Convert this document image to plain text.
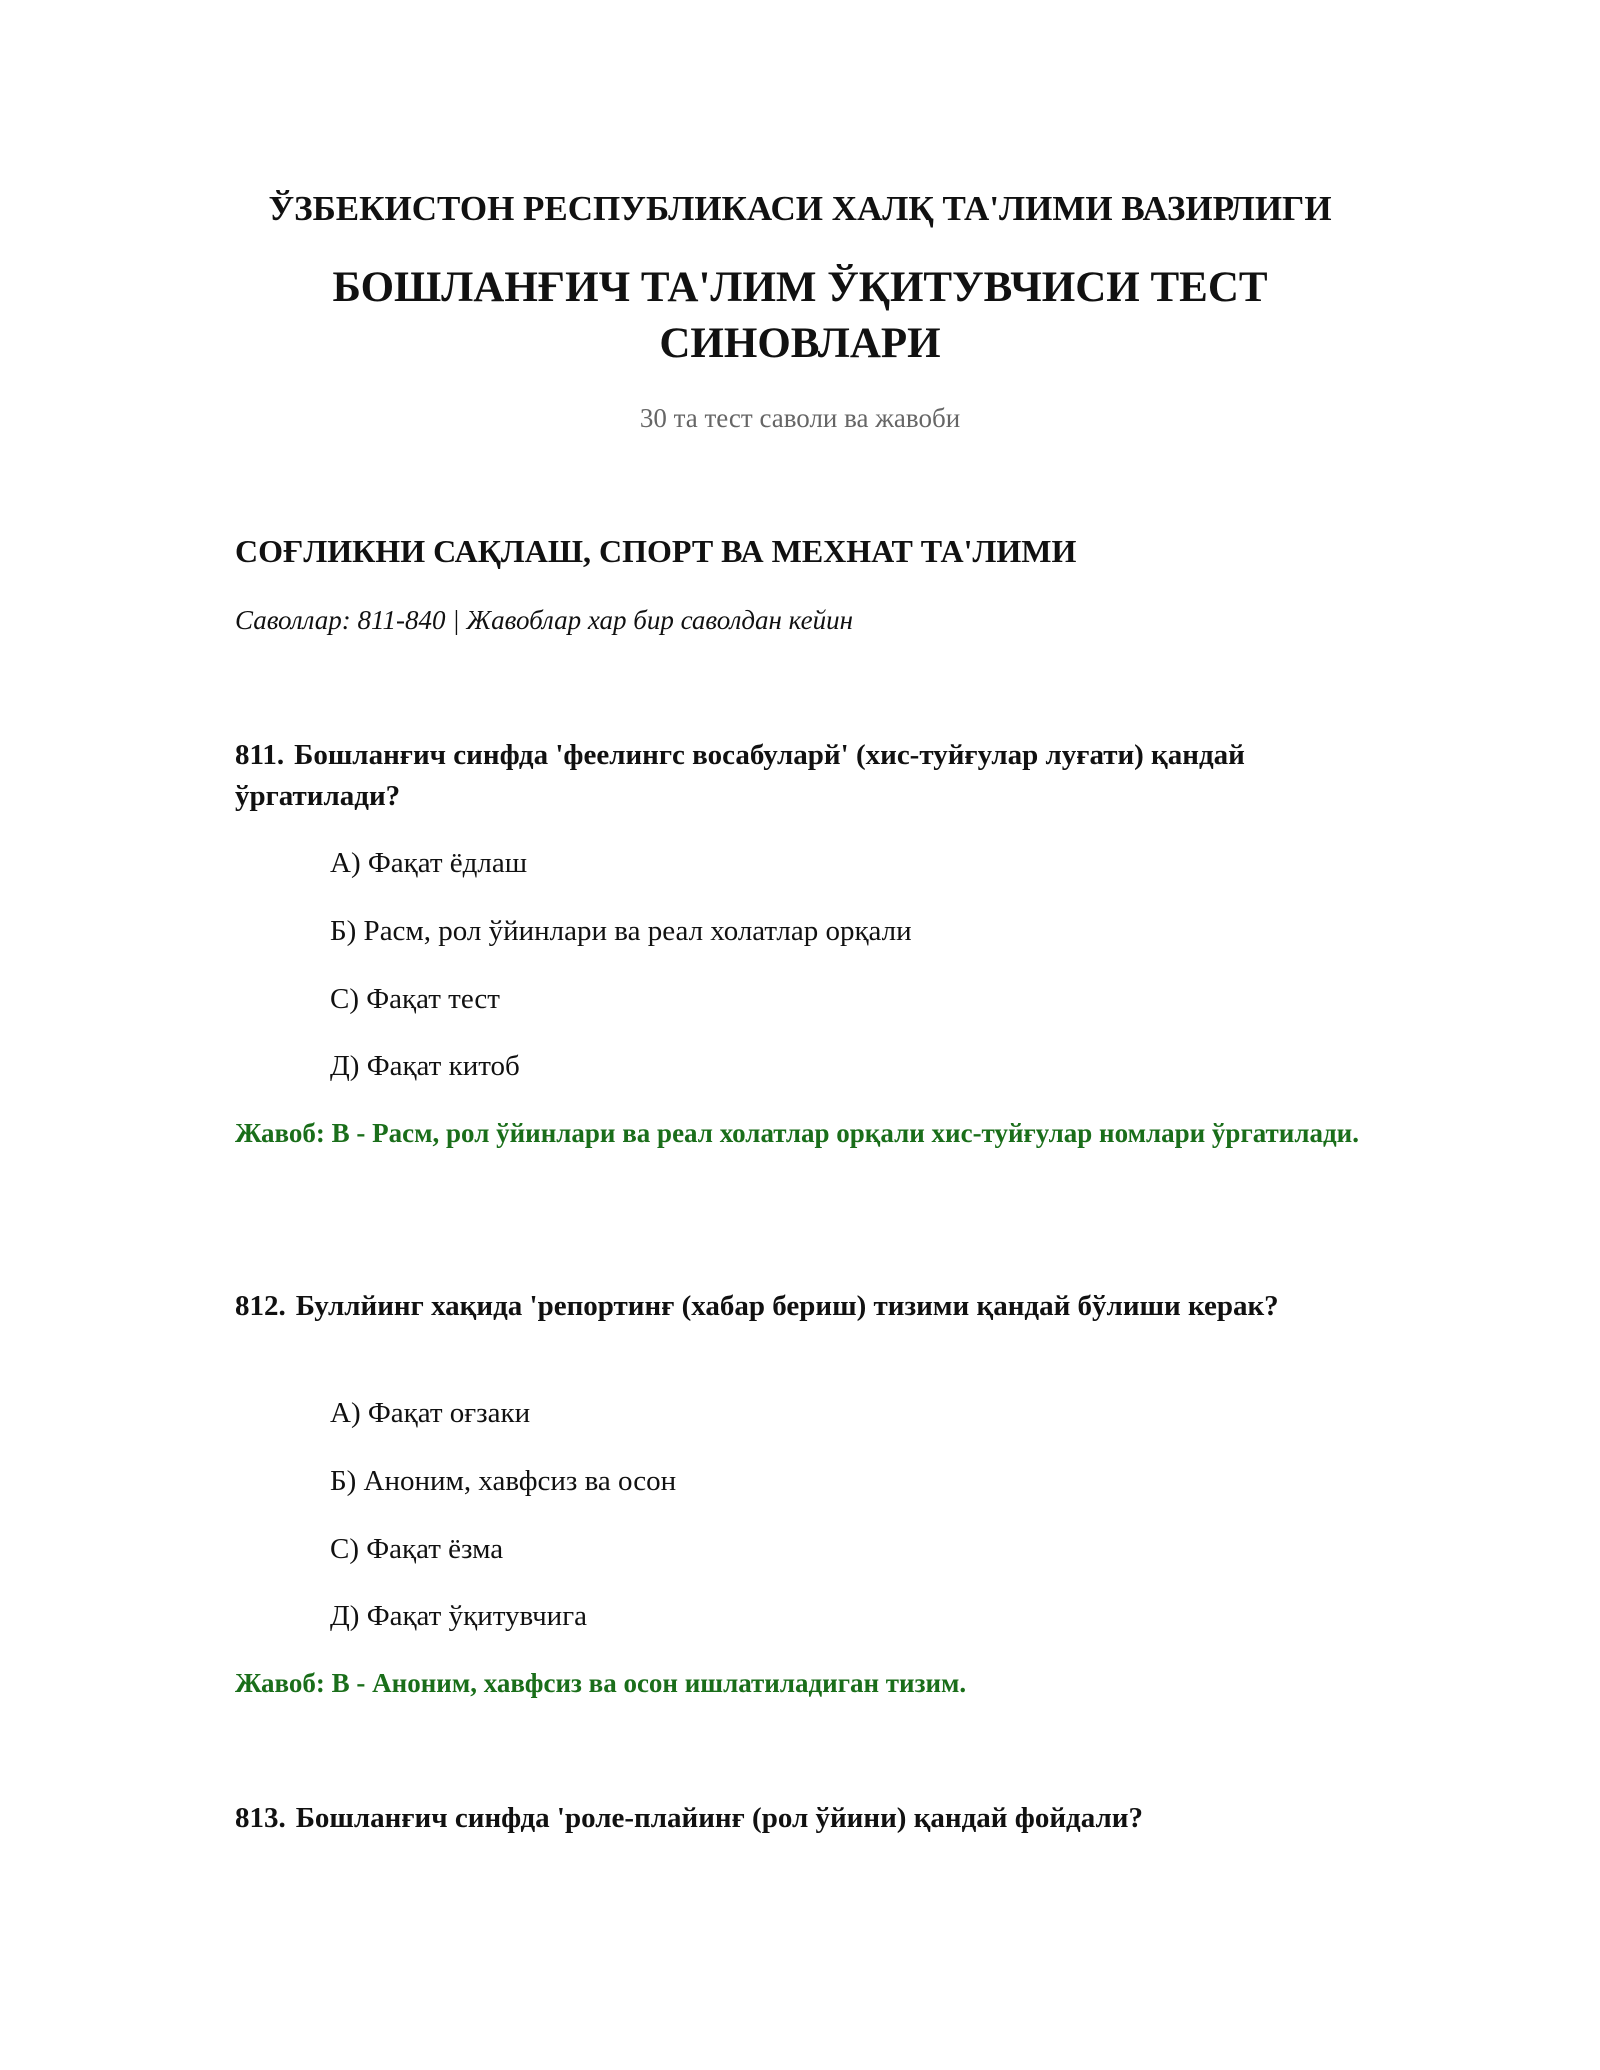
ЎЗБЕКИСТОН РЕСПУБЛИКАСИ ХАЛҚ ТА'ЛИМИ ВАЗИРЛИГИ
БОШЛАНҒИЧ ТА'ЛИМ ЎҚИТУВЧИСИ ТЕСТ СИНОВЛАРИ

30 та тест саволи ва жавоби

СОҒЛИКНИ САҚЛАШ, СПОРТ ВА МЕХНАТ ТА'ЛИМИ

Саволлар: 811-840 | Жавоблар хар бир саволдан кейин

811. Бошланғич синфда 'феелингс восабуларй' (хис-туйғулар луғати) қандай ўргатилади?

А) Фақат ёдлаш

Б) Расм, рол ўйинлари ва реал холатлар орқали

С) Фақат тест

Д) Фақат китоб

Жавоб: В - Расм, рол ўйинлари ва реал холатлар орқали хис-туйғулар номлари ўргатилади.

812. Буллйинг хақида 'репортинғ (хабар бериш) тизими қандай бўлиши керак?

А) Фақат оғзаки

Б) Аноним, хавфсиз ва осон

С) Фақат ёзма

Д) Фақат ўқитувчига

Жавоб: В - Аноним, хавфсиз ва осон ишлатиладиган тизим.

813. Бошланғич синфда 'роле-плайинғ (рол ўйини) қандай фойдали?
